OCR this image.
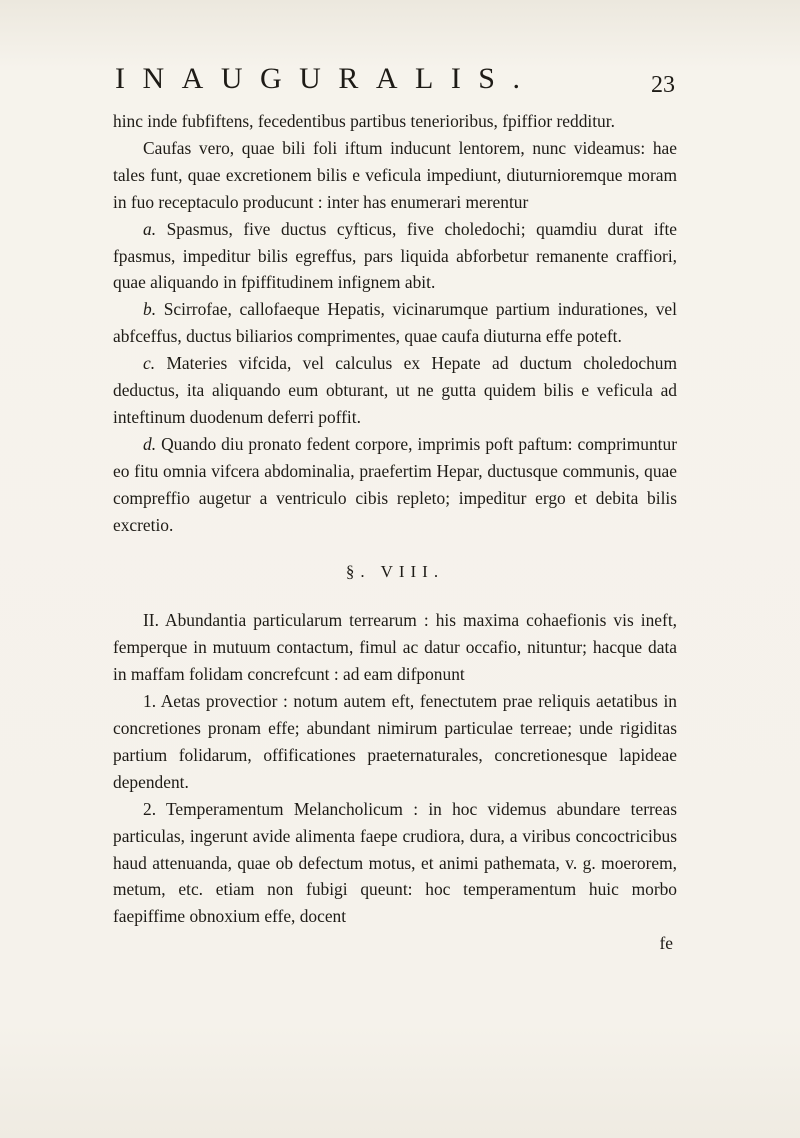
INAUGURALIS.	23

hinc inde fubfiftens, fecedentibus partibus tenerioribus, fpiffior redditur.

Caufas vero, quae bili foli iftum inducunt lentorem, nunc videamus: hae tales funt, quae excretionem bilis e veficula impediunt, diuturnioremque moram in fuo receptaculo producunt : inter has enumerari merentur

a. Spasmus, five ductus cyfticus, five choledochi; quamdiu durat ifte fpasmus, impeditur bilis egreffus, pars liquida abforbetur remanente craffiori, quae aliquando in fpiffitudinem infignem abit.

b. Scirrofae, callofaeque Hepatis, vicinarumque partium indurationes, vel abfceffus, ductus biliarios comprimentes, quae caufa diuturna effe poteft.

c. Materies vifcida, vel calculus ex Hepate ad ductum choledochum deductus, ita aliquando eum obturant, ut ne gutta quidem bilis e veficula ad inteftinum duodenum deferri poffit.

d. Quando diu pronato fedent corpore, imprimis poft paftum: comprimuntur eo fitu omnia vifcera abdominalia, praefertim Hepar, ductusque communis, quae compreffio augetur a ventriculo cibis repleto; impeditur ergo et debita bilis excretio.

§. VIII.

II. Abundantia particularum terrearum : his maxima cohaefionis vis ineft, femperque in mutuum contactum, fimul ac datur occafio, nituntur; hacque data in maffam folidam concrefcunt : ad eam difponunt

1. Aetas provectior : notum autem eft, fenectutem prae reliquis aetatibus in concretiones pronam effe; abundant nimirum particulae terreae; unde rigiditas partium folidarum, offificationes praeternaturales, concretionesque lapideae dependent.

2. Temperamentum Melancholicum : in hoc videmus abundare terreas particulas, ingerunt avide alimenta faepe crudiora, dura, a viribus concoctricibus haud attenuanda, quae ob defectum motus, et animi pathemata, v. g. moerorem, metum, etc. etiam non fubigi queunt: hoc temperamentum huic morbo faepiffime obnoxium effe, docent

fe
